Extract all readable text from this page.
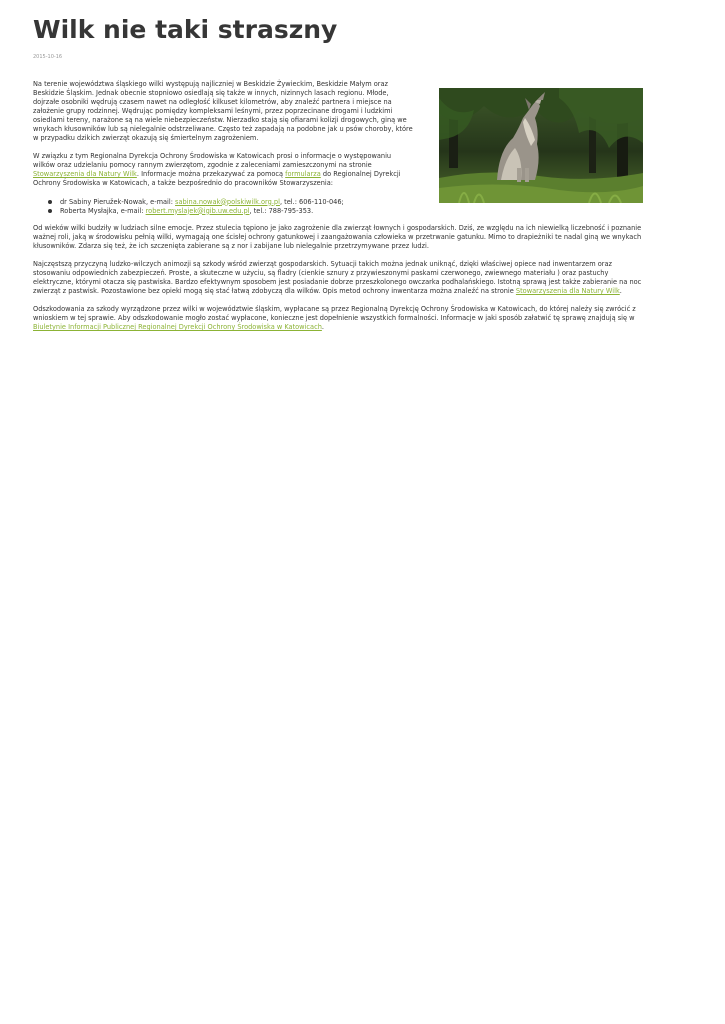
Wilk nie taki straszny
2015-10-16

Na terenie województwa śląskiego wilki występują najliczniej w Beskidzie Żywieckim, Beskidzie Małym oraz Beskidzie Śląskim. Jednak obecnie stopniowo osiedlają się także w innych, nizinnych lasach regionu. Młode, dojrzałe osobniki wędrują czasem nawet na odległość kilkuset kilometrów, aby znaleźć partnera i miejsce na założenie grupy rodzinnej. Wędrując pomiędzy kompleksami leśnymi, przez poprzecinane drogami i ludzkimi osiedlami tereny, narażone są na wiele niebezpieczeństw. Nierzadko stają się ofiarami kolizji drogowych, giną we wnykach kłusowników lub są nielegalnie odstrzeliwane. Często też zapadają na podobne jak u psów choroby, które w przypadku dzikich zwierząt okazują się śmiertelnym zagrożeniem.

W związku z tym Regionalna Dyrekcja Ochrony Środowiska w Katowicach prosi o informacje o występowaniu wilków oraz udzielaniu pomocy rannym zwierzętom, zgodnie z zaleceniami zamieszczonymi na stronie Stowarzyszenia dla Natury Wilk. Informacje można przekazywać za pomocą formularza do Regionalnej Dyrekcji Ochrony Środowiska w Katowicach, a także bezpośrednio do pracowników Stowarzyszenia:

dr Sabiny Pieružek-Nowak, e-mail: sabina.nowak@polskiwilk.org.pl, tel.: 606-110-046;
Roberta Mysłajka, e-mail: robert.myslajek@igib.uw.edu.pl, tel.: 788-795-353.

Od wieków wilki budziły w ludziach silne emocje. Przez stulecia tępiono je jako zagrożenie dla zwierząt łownych i gospodarskich. Dziś, ze względu na ich niewielką liczebność i poznanie ważnej roli, jaką w środowisku pełnią wilki, wymagają one ścisłej ochrony gatunkowej i zaangażowania człowieka w przetrwanie gatunku. Mimo to drapieżniki te nadal giną we wnykach kłusowników. Zdarza się też, że ich szczenięta zabierane są z nor i zabijane lub nielegalnie przetrzymywane przez ludzi.

Najczęstszą przyczyną ludzko-wilczych animozji są szkody wśród zwierząt gospodarskich. Sytuacji takich można jednak uniknąć, dzięki właściwej opiece nad inwentarzem oraz stosowaniu odpowiednich zabezpieczeń. Proste, a skuteczne w użyciu, są fladry (cienkie sznury z przywieszonymi paskami czerwonego, zwiewnego materiału ) oraz pastuchy elektryczne, którymi otacza się pastwiska. Bardzo efektywnym sposobem jest posiadanie dobrze przeszkolonego owczarka podhalańskiego. Istotną sprawą jest także zabieranie na noc zwierząt z pastwisk. Pozostawione bez opieki mogą się stać łatwą zdobyczą dla wilków. Opis metod ochrony inwentarza można znaleźć na stronie Stowarzyszenia dla Natury Wilk.

Odszkodowania za szkody wyrządzone przez wilki w województwie śląskim, wypłacane są przez Regionalną Dyrekcję Ochrony Środowiska w Katowicach, do której należy się zwrócić z wnioskiem w tej sprawie. Aby odszkodowanie mogło zostać wypłacone, konieczne jest dopełnienie wszystkich formalności. Informacje w jaki sposób załatwić tę sprawę znajdują się w Biuletynie Informacji Publicznej Regionalnej Dyrekcji Ochrony Środowiska w Katowicach.
